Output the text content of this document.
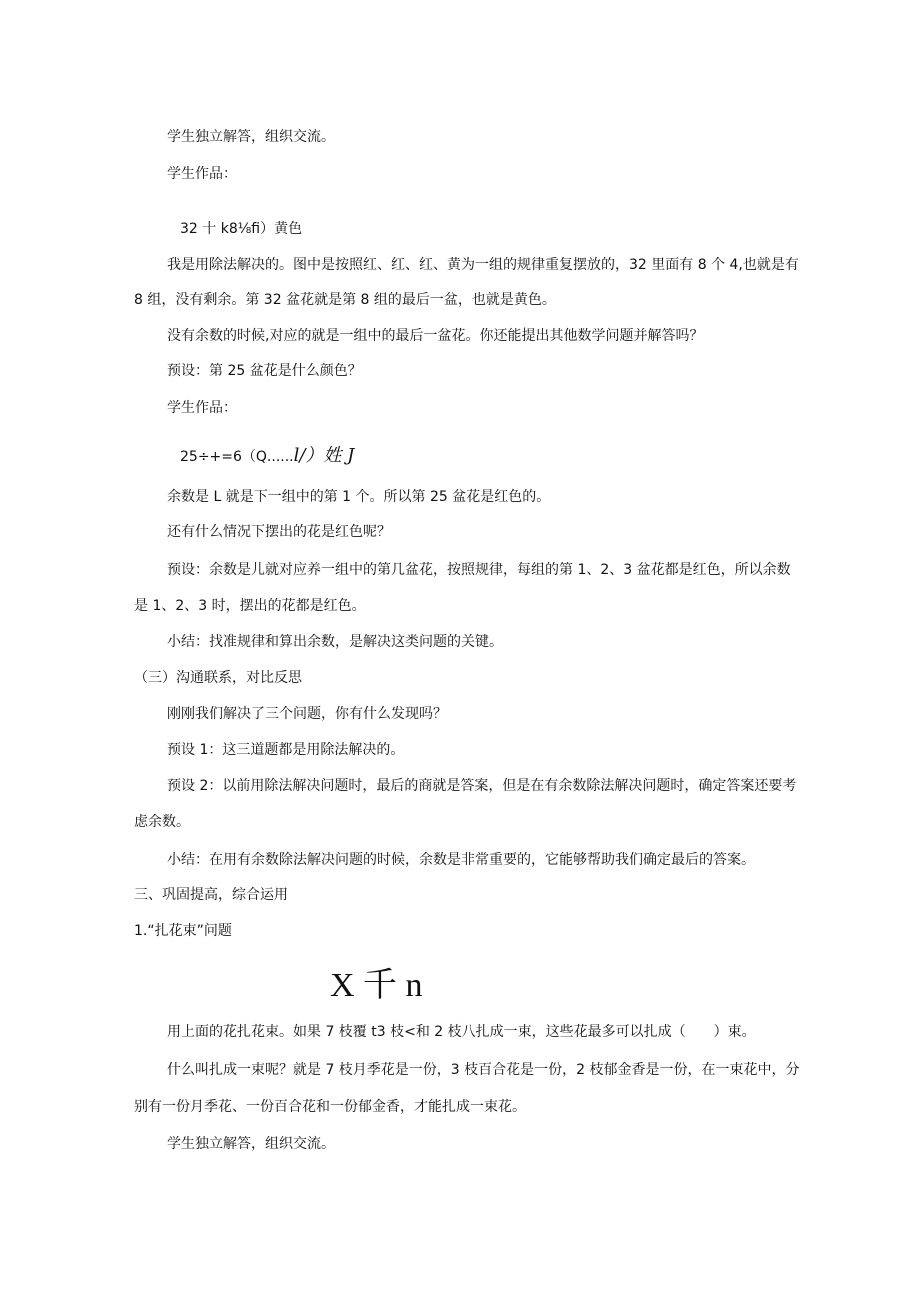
学生独立解答，组织交流。
学生作品：
32 十 k8⅛fi）黄色
我是用除法解决的。图中是按照红、红、红、黄为一组的规律重复摆放的，32 里面有 8 个 4,也就是有
8 组，没有剩余。第 32 盆花就是第 8 组的最后一盆，也就是黄色。
没有余数的时候,对应的就是一组中的最后一盆花。你还能提出其他数学问题并解答吗？
预设：第 25 盆花是什么颜色？
学生作品：
25÷+=6（Q......l/）姓 J
余数是 L 就是下一组中的第 1 个。所以第 25 盆花是红色的。
还有什么情况下摆出的花是红色呢？
预设：余数是儿就对应养一组中的第几盆花，按照规律，每组的第 1、2、3 盆花都是红色，所以余数
是 1、2、3 时，摆出的花都是红色。
小结：找准规律和算出余数，是解决这类问题的关键。
（三）沟通联系，对比反思
刚刚我们解决了三个问题，你有什么发现吗？
预设 1：这三道题都是用除法解决的。
预设 2：以前用除法解决问题时，最后的商就是答案，但是在有余数除法解决问题时，确定答案还要考
虑余数。
小结：在用有余数除法解决问题的时候，余数是非常重要的，它能够帮助我们确定最后的答案。
三、巩固提高，综合运用
1.“扎花束”问题
X 千 n
用上面的花扎花束。如果 7 枝覆 t3 枝<和 2 枝八扎成一束，这些花最多可以扎成（　　）束。
什么叫扎成一束呢？就是 7 枝月季花是一份，3 枝百合花是一份，2 枝郁金香是一份，在一束花中，分
别有一份月季花、一份百合花和一份郁金香，才能扎成一束花。
学生独立解答，组织交流。
